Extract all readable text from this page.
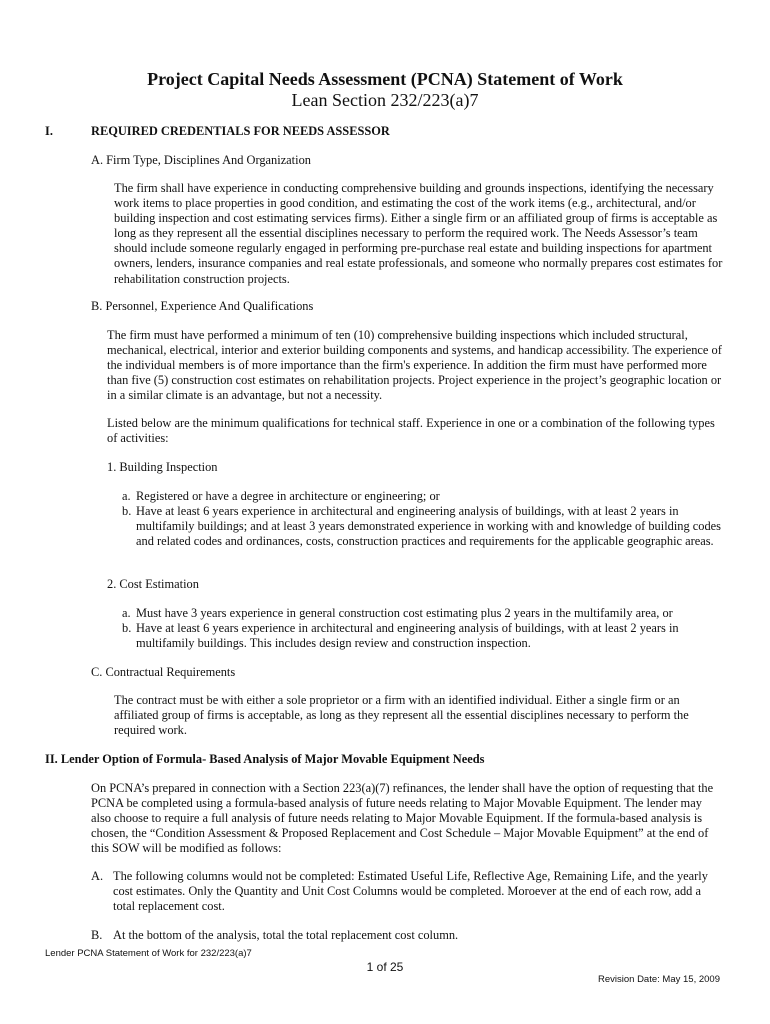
Project Capital Needs Assessment (PCNA) Statement of Work
Lean Section 232/223(a)7
I.	REQUIRED CREDENTIALS FOR NEEDS ASSESSOR
A. Firm Type, Disciplines And Organization
The firm shall have experience in conducting comprehensive building and grounds inspections, identifying the necessary work items to place properties in good condition, and estimating the cost of the work items (e.g., architectural, and/or building inspection and cost estimating services firms). Either a single firm or an affiliated group of firms is acceptable as long as they represent all the essential disciplines necessary to perform the required work. The Needs Assessor’s team should include someone regularly engaged in performing pre-purchase real estate and building inspections for apartment owners, lenders, insurance companies and real estate professionals, and someone who normally prepares cost estimates for rehabilitation construction projects.
B. Personnel, Experience And Qualifications
The firm must have performed a minimum of ten (10) comprehensive building inspections which included structural, mechanical, electrical, interior and exterior building components and systems, and handicap accessibility. The experience of the individual members is of more importance than the firm's experience. In addition the firm must have performed more than five (5) construction cost estimates on rehabilitation projects. Project experience in the project’s geographic location or in a similar climate is an advantage, but not a necessity.
Listed below are the minimum qualifications for technical staff. Experience in one or a combination of the following types of activities:
1. Building Inspection
a. Registered or have a degree in architecture or engineering; or
b. Have at least 6 years experience in architectural and engineering analysis of buildings, with at least 2 years in multifamily buildings; and at least 3 years demonstrated experience in working with and knowledge of building codes and related codes and ordinances, costs, construction practices and requirements for the applicable geographic areas.
2. Cost Estimation
a. Must have 3 years experience in general construction cost estimating plus 2 years in the multifamily area, or
b. Have at least 6 years experience in architectural and engineering analysis of buildings, with at least 2 years in multifamily buildings. This includes design review and construction inspection.
C. Contractual Requirements
The contract must be with either a sole proprietor or a firm with an identified individual. Either a single firm or an affiliated group of firms is acceptable, as long as they represent all the essential disciplines necessary to perform the required work.
II. Lender Option of Formula- Based Analysis of Major Movable Equipment Needs
On PCNA’s prepared in connection with a Section 223(a)(7) refinances, the lender shall have the option of requesting that the PCNA be completed using a formula-based analysis of future needs relating to Major Movable Equipment. The lender may also choose to require a full analysis of future needs relating to Major Movable Equipment. If the formula-based analysis is chosen, the “Condition Assessment & Proposed Replacement and Cost Schedule – Major Movable Equipment” at the end of this SOW will be modified as follows:
A. The following columns would not be completed: Estimated Useful Life, Reflective Age, Remaining Life, and the yearly cost estimates. Only the Quantity and Unit Cost Columns would be completed. Moroever at the end of each row, add a total replacement cost.
B. At the bottom of the analysis, total the total replacement cost column.
Lender PCNA Statement of Work for 232/223(a)7
1 of 25
Revision Date: May 15, 2009
